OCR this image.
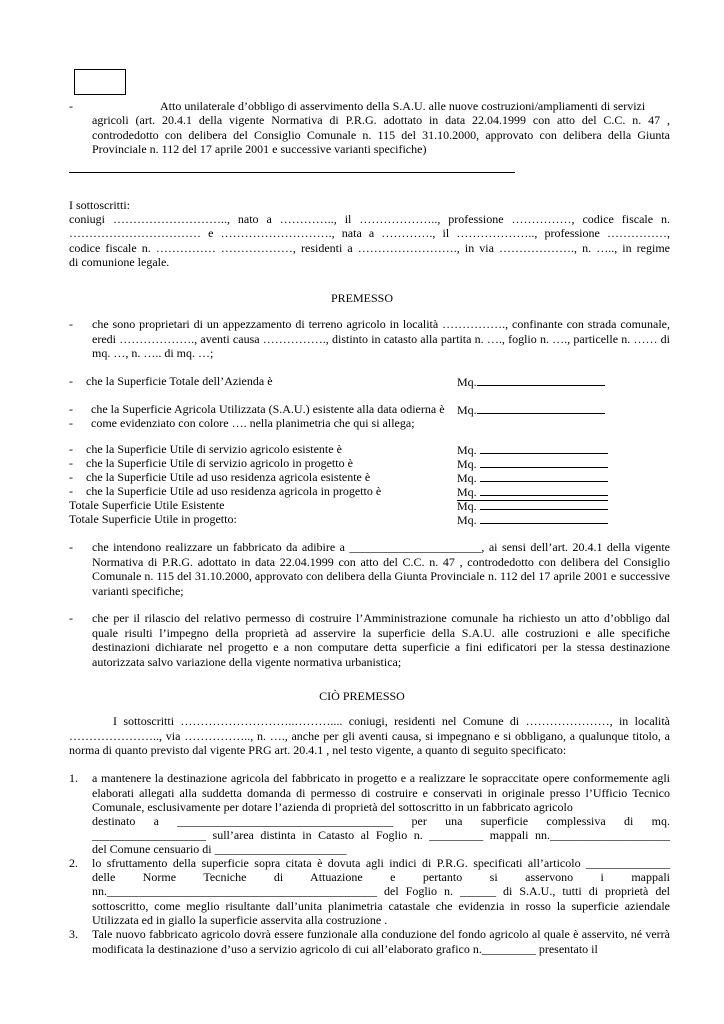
-	Atto unilaterale d’obbligo di asservimento della S.A.U. alle nuove costruzioni/ampliamenti di servizi
agricoli (art. 20.4.1 della vigente Normativa di P.R.G. adottato in data 22.04.1999 con atto del C.C. n. 47 , controdedotto con delibera del Consiglio Comunale n. 115 del 31.10.2000, approvato con delibera della Giunta Provinciale n. 112 del 17 aprile 2001 e successive varianti specifiche)
I sottoscritti:
coniugi ……………………….., nato a ………….., il ……………….., professione ……………, codice fiscale n.
…………………………… e ………………………., nata a …………., il ……………….., professione ……………,
codice fiscale n. …………… ………………, residenti a ……………………., in via ………………., n. ….., in regime
di comunione legale.
PREMESSO
-	che sono proprietari di un appezzamento di terreno agricolo in località ……………., confinante con strada comunale, eredi ………………., aventi causa ……………., distinto in catasto alla partita n. …., foglio n. …., particelle n. …… di mq. …, n. ….. di mq. …;
- che la Superficie Totale dell’Azienda è	Mq.
- che la Superficie Agricola Utilizzata (S.A.U.) esistente alla data odierna è Mq.
- come evidenziato con colore …. nella planimetria che qui si allega;
- che la Superficie Utile di servizio agricolo esistente è	Mq.
- che la Superficie Utile di servizio agricolo in progetto è	Mq.
- che la Superficie Utile ad uso residenza agricola esistente è	Mq.
- che la Superficie Utile ad uso residenza agricola in progetto è	Mq.
Totale Superficie Utile Esistente	Mq.
Totale Superficie Utile in progetto:	Mq.
-	che intendono realizzare un fabbricato da adibire a ______________________, ai sensi dell’art. 20.4.1 della vigente Normativa di P.R.G. adottato in data 22.04.1999 con atto del C.C. n. 47 , controdedotto con delibera del Consiglio Comunale n. 115 del 31.10.2000, approvato con delibera della Giunta Provinciale n. 112 del 17 aprile 2001 e successive varianti specifiche;
-	che per il rilascio del relativo permesso di costruire l’Amministrazione comunale ha richiesto un atto d’obbligo dal quale risulti l’impegno della proprietà ad asservire la superficie della S.A.U. alle costruzioni e alle specifiche destinazioni dichiarate nel progetto e a non computare detta superficie a fini edificatori per la stessa destinazione autorizzata salvo variazione della vigente normativa urbanistica;
CIÒ PREMESSO
I sottoscritti ………………………..……….... coniugi, residenti nel Comune di …………………, in località ………………….., via …………….., n. …., anche per gli aventi causa, si impegnano e si obbligano, a qualunque titolo, a norma di quanto previsto dal vigente PRG art. 20.4.1 , nel testo vigente, a quanto di seguito specificato:
1.	a mantenere la destinazione agricola del fabbricato in progetto e a realizzare le sopraccitate opere conformemente agli elaborati allegati alla suddetta domanda di permesso di costruire e conservati in originale presso l’Ufficio Tecnico Comunale, esclusivamente per dotare l’azienda di proprietà del sottoscritto in un fabbricato agricolo
destinato a ____________________________________ per una superficie complessiva di mq.
___________________ sull’area distinta in Catasto al Foglio n. _________ mappali nn.____________________
del Comune censuario di ______________________
2.	lo sfruttamento della superficie sopra citata è dovuta agli indici di P.R.G. specificati all’articolo ______________
delle Norme Tecniche di Attuazione e pertanto si asservono i mappali
nn._____________________________________________ del Foglio n. ______ di S.A.U., tutti di proprietà del sottoscritto, come meglio risultante dall’unita planimetria catastale che evidenzia in rosso la superficie aziendale Utilizzata ed in giallo la superficie asservita alla costruzione .
3.	Tale nuovo fabbricato agricolo dovrà essere funzionale alla conduzione del fondo agricolo al quale è asservito, né verrà modificata la destinazione d’uso a servizio agricolo di cui all’elaborato grafico n._________ presentato il
